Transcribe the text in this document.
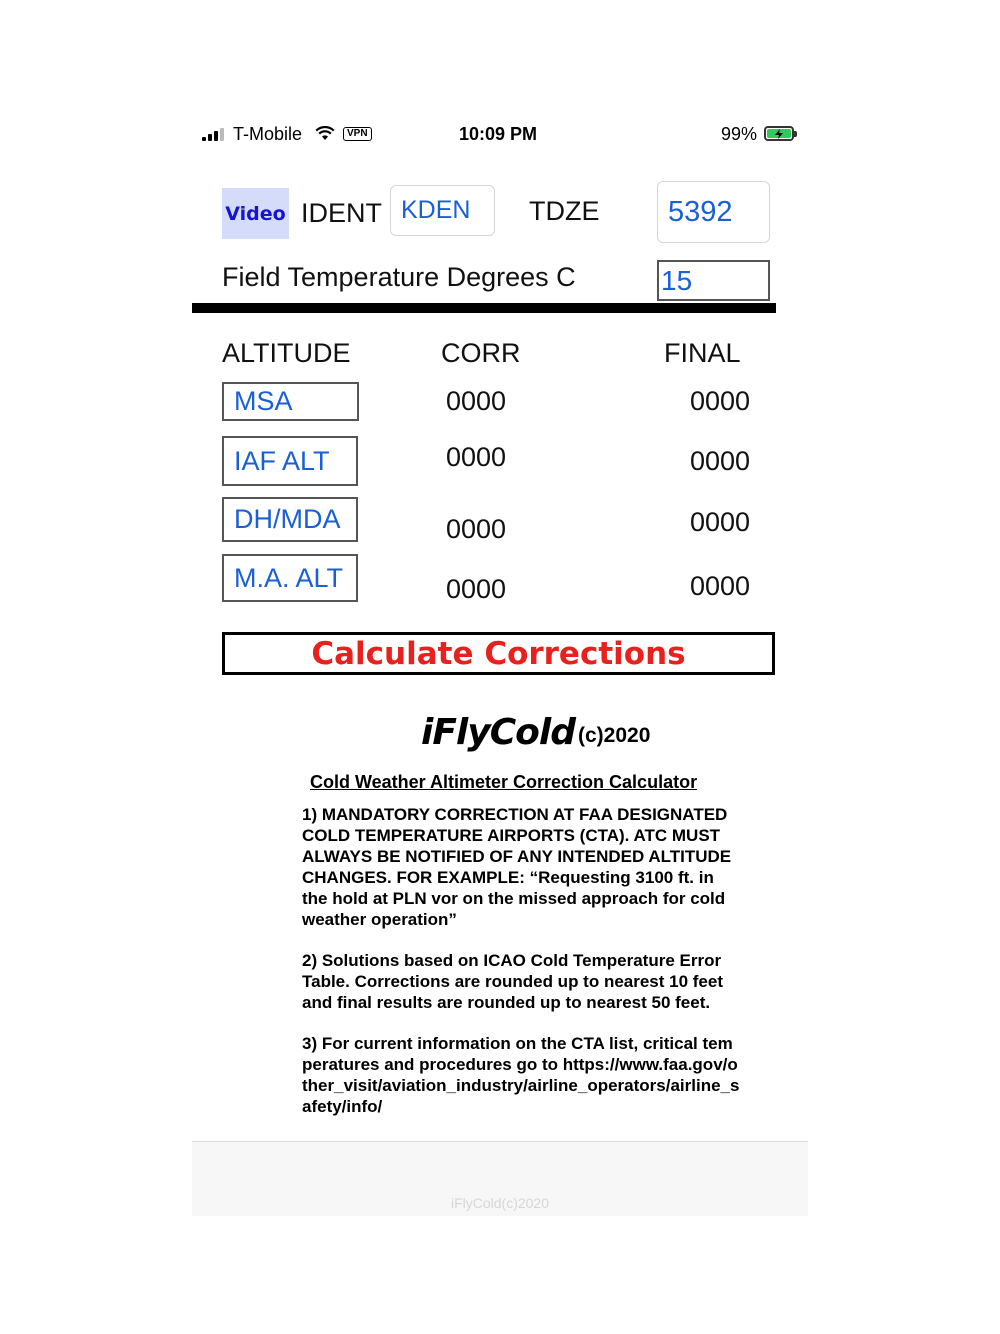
T-Mobile	VPN	10:09 PM	99%
Video IDENT KDEN	TDZE	5392
Field Temperature Degrees C	15
ALTITUDE	CORR	FINAL
MSA	0000	0000
IAF ALT	0000	0000
DH/MDA	0000	0000
M.A. ALT	0000	0000
Calculate Corrections
iFlyCold (c)2020
Cold Weather Altimeter Correction Calculator

1) MANDATORY CORRECTION AT FAA DESIGNATED COLD TEMPERATURE AIRPORTS (CTA). ATC MUST ALWAYS BE NOTIFIED OF ANY INTENDED ALTITUDE CHANGES. FOR EXAMPLE: “Requesting 3100 ft. in the hold at PLN vor on the missed approach for cold weather operation”

2) Solutions based on ICAO Cold Temperature Error Table. Corrections are rounded up to nearest 10 feet and final results are rounded up to nearest 50 feet.

3) For current information on the CTA list, critical temperatures and procedures go to https://www.faa.gov/other_visit/aviation_industry/airline_operators/airline_safety/info/

iFlyCold(c)2020
